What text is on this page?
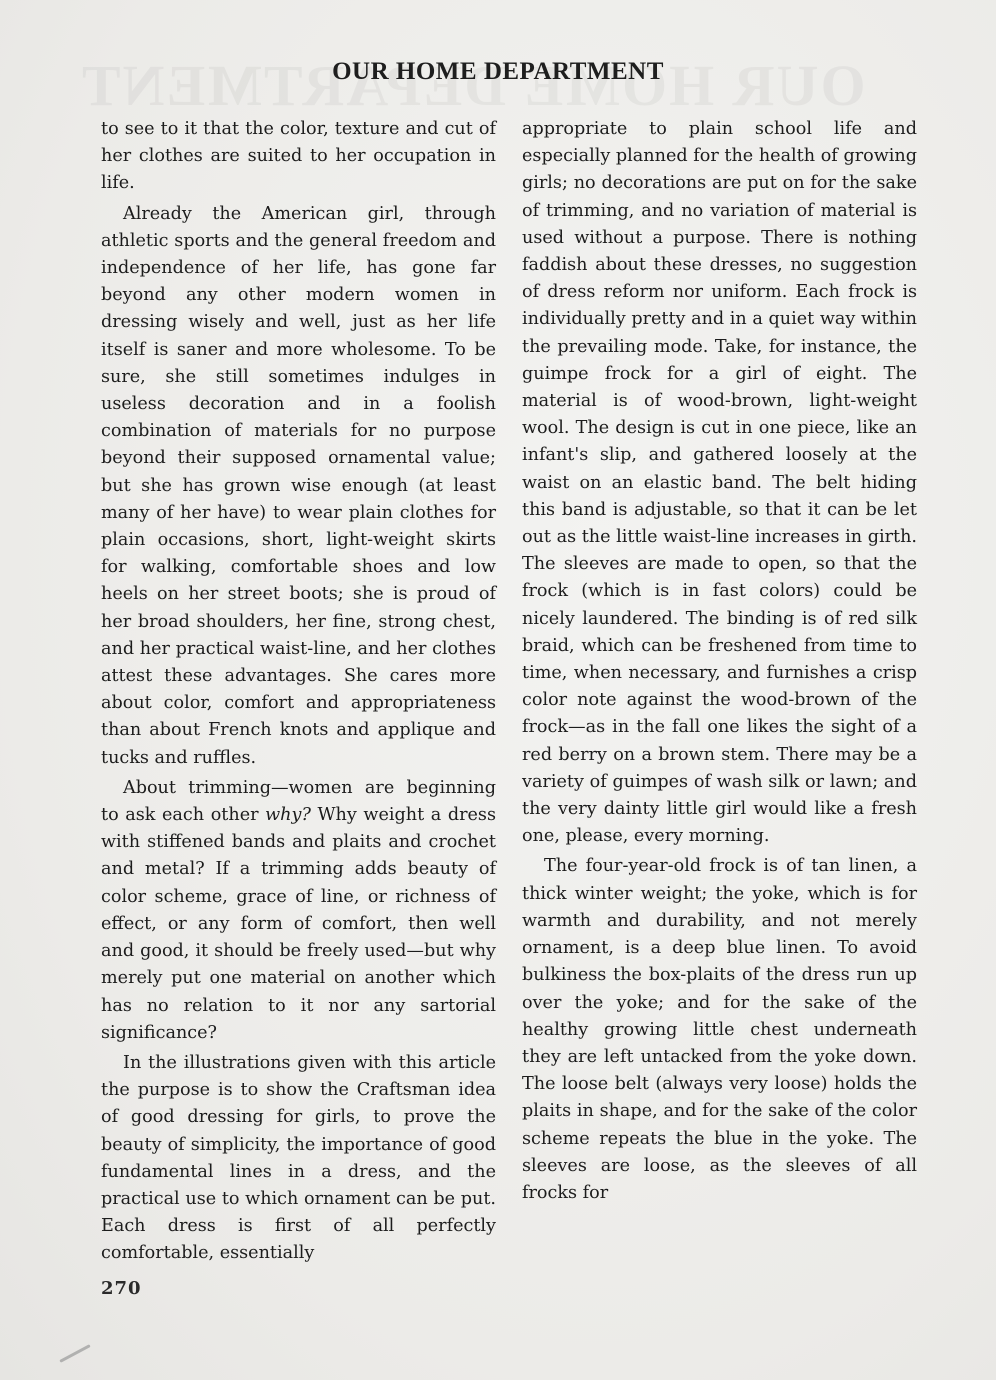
OUR HOME DEPARTMENT

to see to it that the color, texture and cut of her clothes are suited to her occupation in life.

Already the American girl, through athletic sports and the general freedom and independence of her life, has gone far beyond any other modern women in dressing wisely and well, just as her life itself is saner and more wholesome. To be sure, she still sometimes indulges in useless decoration and in a foolish combination of materials for no purpose beyond their supposed ornamental value; but she has grown wise enough (at least many of her have) to wear plain clothes for plain occasions, short, light-weight skirts for walking, comfortable shoes and low heels on her street boots; she is proud of her broad shoulders, her fine, strong chest, and her practical waist-line, and her clothes attest these advantages. She cares more about color, comfort and appropriateness than about French knots and applique and tucks and ruffles.

About trimming—women are beginning to ask each other why? Why weight a dress with stiffened bands and plaits and crochet and metal? If a trimming adds beauty of color scheme, grace of line, or richness of effect, or any form of comfort, then well and good, it should be freely used—but why merely put one material on another which has no relation to it nor any sartorial significance?

In the illustrations given with this article the purpose is to show the Craftsman idea of good dressing for girls, to prove the beauty of simplicity, the importance of good fundamental lines in a dress, and the practical use to which ornament can be put. Each dress is first of all perfectly comfortable, essentially

appropriate to plain school life and especially planned for the health of growing girls; no decorations are put on for the sake of trimming, and no variation of material is used without a purpose. There is nothing faddish about these dresses, no suggestion of dress reform nor uniform. Each frock is individually pretty and in a quiet way within the prevailing mode. Take, for instance, the guimpe frock for a girl of eight. The material is of wood-brown, light-weight wool. The design is cut in one piece, like an infant's slip, and gathered loosely at the waist on an elastic band. The belt hiding this band is adjustable, so that it can be let out as the little waist-line increases in girth. The sleeves are made to open, so that the frock (which is in fast colors) could be nicely laundered. The binding is of red silk braid, which can be freshened from time to time, when necessary, and furnishes a crisp color note against the wood-brown of the frock—as in the fall one likes the sight of a red berry on a brown stem. There may be a variety of guimpes of wash silk or lawn; and the very dainty little girl would like a fresh one, please, every morning.

The four-year-old frock is of tan linen, a thick winter weight; the yoke, which is for warmth and durability, and not merely ornament, is a deep blue linen. To avoid bulkiness the box-plaits of the dress run up over the yoke; and for the sake of the healthy growing little chest underneath they are left untacked from the yoke down. The loose belt (always very loose) holds the plaits in shape, and for the sake of the color scheme repeats the blue in the yoke. The sleeves are loose, as the sleeves of all frocks for

270
